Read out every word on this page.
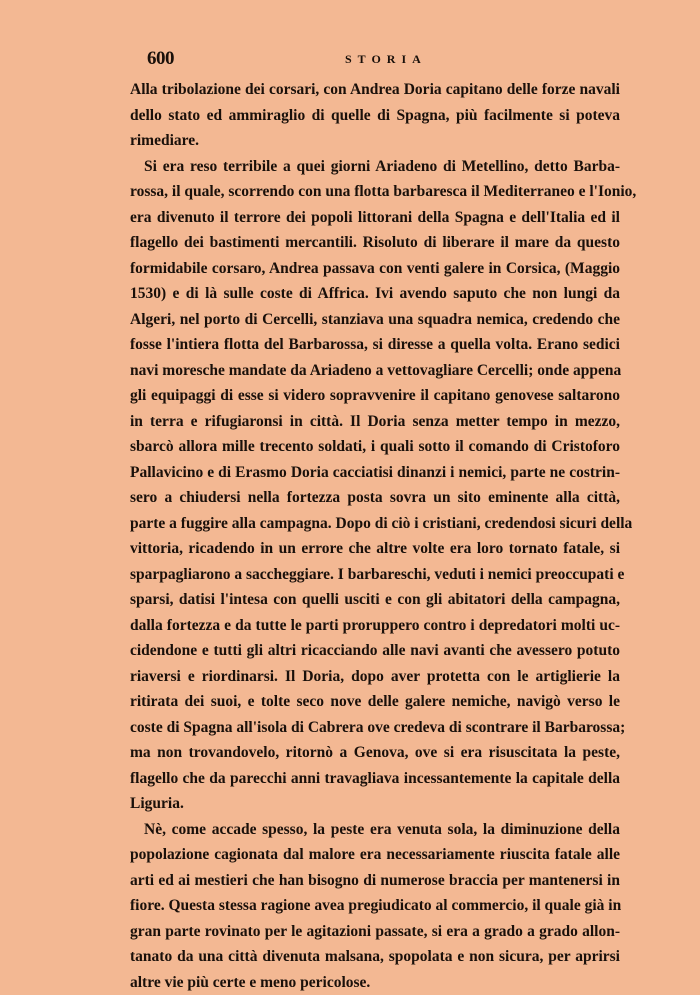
600	STORIA
Alla tribolazione dei corsari, con Andrea Doria capitano delle forze navali
dello stato ed ammiraglio di quelle di Spagna, più facilmente si poteva
rimediare.
Si era reso terribile a quei giorni Ariadeno di Metellino, detto Barba-
rossa, il quale, scorrendo con una flotta barbaresca il Mediterraneo e l'Ionio,
era divenuto il terrore dei popoli littorani della Spagna e dell'Italia ed il
flagello dei bastimenti mercantili. Risoluto di liberare il mare da questo
formidabile corsaro, Andrea passava con venti galere in Corsica, (Maggio
1530) e di là sulle coste di Affrica. Ivi avendo saputo che non lungi da
Algeri, nel porto di Cercelli, stanziava una squadra nemica, credendo che
fosse l'intiera flotta del Barbarossa, si diresse a quella volta. Erano sedici
navi moresche mandate da Ariadeno a vettovagliare Cercelli; onde appena
gli equipaggi di esse si videro sopravvenire il capitano genovese saltarono
in terra e rifugiaronsi in città. Il Doria senza metter tempo in mezzo,
sbarcò allora mille trecento soldati, i quali sotto il comando di Cristoforo
Pallavicino e di Erasmo Doria cacciatisi dinanzi i nemici, parte ne costrin-
sero a chiudersi nella fortezza posta sovra un sito eminente alla città,
parte a fuggire alla campagna. Dopo di ciò i cristiani, credendosi sicuri della
vittoria, ricadendo in un errore che altre volte era loro tornato fatale, si
sparpagliarono a saccheggiare. I barbareschi, veduti i nemici preoccupati e
sparsi, datisi l'intesa con quelli usciti e con gli abitatori della campagna,
dalla fortezza e da tutte le parti proruppero contro i depredatori molti uc-
cidendone e tutti gli altri ricacciando alle navi avanti che avessero potuto
riaversi e riordinarsi. Il Doria, dopo aver protetta con le artiglierie la
ritirata dei suoi, e tolte seco nove delle galere nemiche, navigò verso le
coste di Spagna all'isola di Cabrera ove credeva di scontrare il Barbarossa;
ma non trovandovelo, ritornò a Genova, ove si era risuscitata la peste,
flagello che da parecchi anni travagliava incessantemente la capitale della
Liguria.
Nè, come accade spesso, la peste era venuta sola, la diminuzione della
popolazione cagionata dal malore era necessariamente riuscita fatale alle
arti ed ai mestieri che han bisogno di numerose braccia per mantenersi in
fiore. Questa stessa ragione avea pregiudicato al commercio, il quale già in
gran parte rovinato per le agitazioni passate, si era a grado a grado allon-
tanato da una città divenuta malsana, spopolata e non sicura, per aprirsi
altre vie più certe e meno pericolose.
